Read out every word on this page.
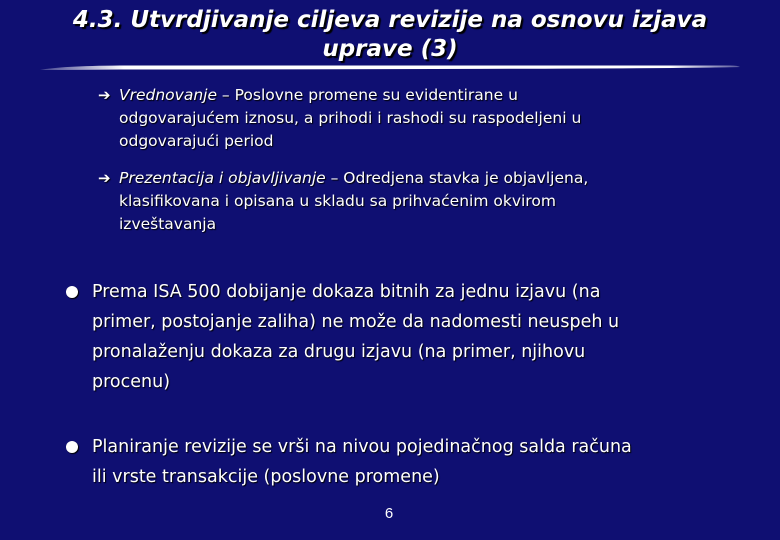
4.3. Utvrdjivanje ciljeva revizije na osnovu izjava
uprave (3)
➔ Vrednovanje – Poslovne promene su evidentirane u
odgovarajućem iznosu, a prihodi i rashodi su raspodeljeni u
odgovarajući period
➔ Prezentacija i objavljivanje – Odredjena stavka je objavljena,
klasifikovana i opisana u skladu sa prihvaćenim okvirom
izveštavanja
Prema ISA 500 dobijanje dokaza bitnih za jednu izjavu (na
primer, postojanje zaliha) ne može da nadomesti neuspeh u
pronalaženju dokaza za drugu izjavu (na primer, njihovu
procenu)
Planiranje revizije se vrši na nivou pojedinačnog salda računa
ili vrste transakcije (poslovne promene)
6
